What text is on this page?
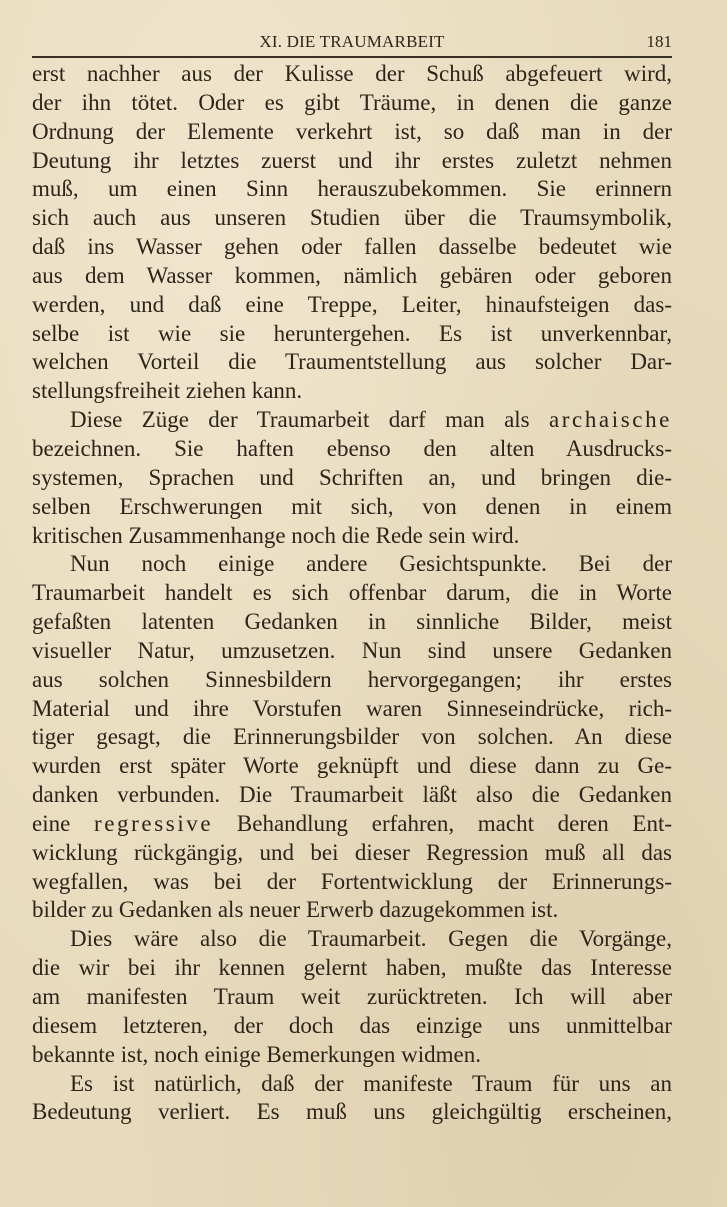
XI. DIE TRAUMARBEIT	181
erst nachher aus der Kulisse der Schuß abgefeuert wird,
der ihn tötet. Oder es gibt Träume, in denen die ganze
Ordnung der Elemente verkehrt ist, so daß man in der
Deutung ihr letztes zuerst und ihr erstes zuletzt nehmen
muß, um einen Sinn herauszubekommen. Sie erinnern
sich auch aus unseren Studien über die Traumsymbolik,
daß ins Wasser gehen oder fallen dasselbe bedeutet wie
aus dem Wasser kommen, nämlich gebären oder geboren
werden, und daß eine Treppe, Leiter, hinaufsteigen das-
selbe ist wie sie heruntergehen. Es ist unverkennbar,
welchen Vorteil die Traumentstellung aus solcher Dar-
stellungsfreiheit ziehen kann.
Diese Züge der Traumarbeit darf man als archaische
bezeichnen. Sie haften ebenso den alten Ausdrucks-
systemen, Sprachen und Schriften an, und bringen die-
selben Erschwerungen mit sich, von denen in einem
kritischen Zusammenhange noch die Rede sein wird.
Nun noch einige andere Gesichtspunkte. Bei der
Traumarbeit handelt es sich offenbar darum, die in Worte
gefaßten latenten Gedanken in sinnliche Bilder, meist
visueller Natur, umzusetzen. Nun sind unsere Gedanken
aus solchen Sinnesbildern hervorgegangen; ihr erstes
Material und ihre Vorstufen waren Sinneseindrücke, rich-
tiger gesagt, die Erinnerungsbilder von solchen. An diese
wurden erst später Worte geknüpft und diese dann zu Ge-
danken verbunden. Die Traumarbeit läßt also die Gedanken
eine regressive Behandlung erfahren, macht deren Ent-
wicklung rückgängig, und bei dieser Regression muß all das
wegfallen, was bei der Fortentwicklung der Erinnerungs-
bilder zu Gedanken als neuer Erwerb dazugekommen ist.
Dies wäre also die Traumarbeit. Gegen die Vorgänge,
die wir bei ihr kennen gelernt haben, mußte das Interesse
am manifesten Traum weit zurücktreten. Ich will aber
diesem letzteren, der doch das einzige uns unmittelbar
bekannte ist, noch einige Bemerkungen widmen.
Es ist natürlich, daß der manifeste Traum für uns an
Bedeutung verliert. Es muß uns gleichgültig erscheinen,
